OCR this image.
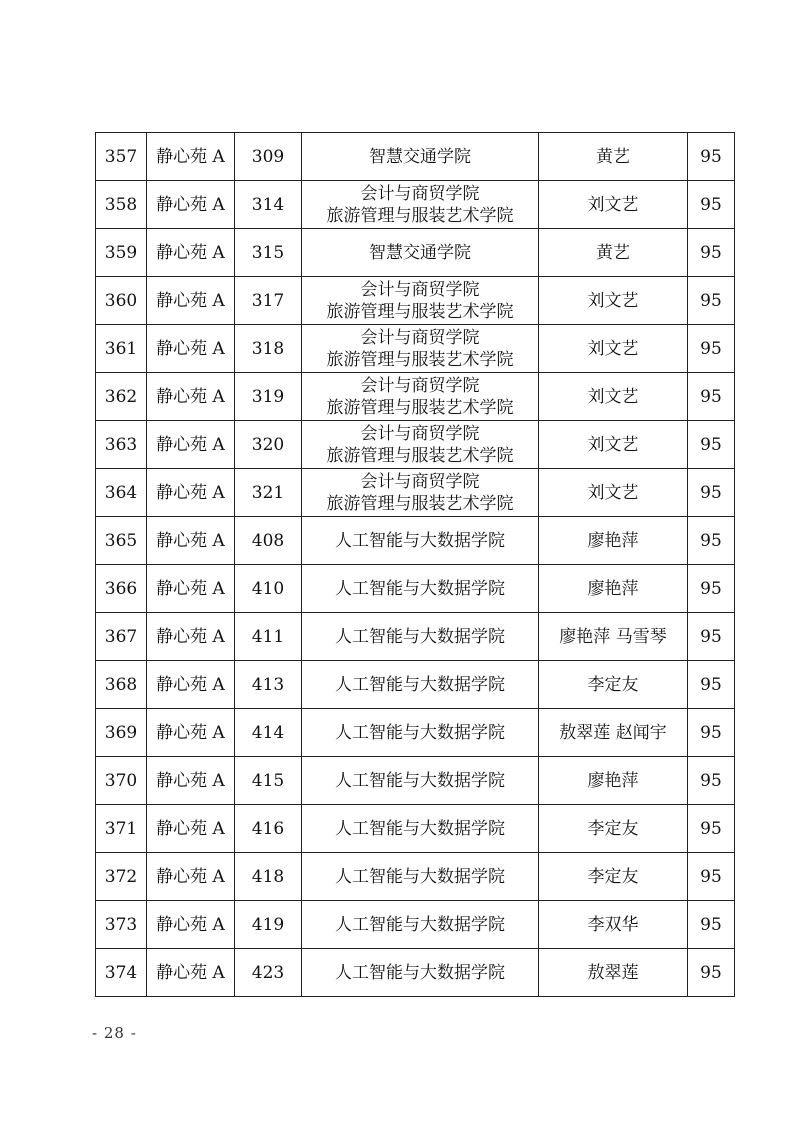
357	静心苑 A	309	智慧交通学院	黄艺	95
358	静心苑 A	314	会计与商贸学院
旅游管理与服装艺术学院	刘文艺	95
359	静心苑 A	315	智慧交通学院	黄艺	95
360	静心苑 A	317	会计与商贸学院
旅游管理与服装艺术学院	刘文艺	95
361	静心苑 A	318	会计与商贸学院
旅游管理与服装艺术学院	刘文艺	95
362	静心苑 A	319	会计与商贸学院
旅游管理与服装艺术学院	刘文艺	95
363	静心苑 A	320	会计与商贸学院
旅游管理与服装艺术学院	刘文艺	95
364	静心苑 A	321	会计与商贸学院
旅游管理与服装艺术学院	刘文艺	95
365	静心苑 A	408	人工智能与大数据学院	廖艳萍	95
366	静心苑 A	410	人工智能与大数据学院	廖艳萍	95
367	静心苑 A	411	人工智能与大数据学院	廖艳萍 马雪琴	95
368	静心苑 A	413	人工智能与大数据学院	李定友	95
369	静心苑 A	414	人工智能与大数据学院	敖翠莲 赵闻宇	95
370	静心苑 A	415	人工智能与大数据学院	廖艳萍	95
371	静心苑 A	416	人工智能与大数据学院	李定友	95
372	静心苑 A	418	人工智能与大数据学院	李定友	95
373	静心苑 A	419	人工智能与大数据学院	李双华	95
374	静心苑 A	423	人工智能与大数据学院	敖翠莲	95
- 28 -
